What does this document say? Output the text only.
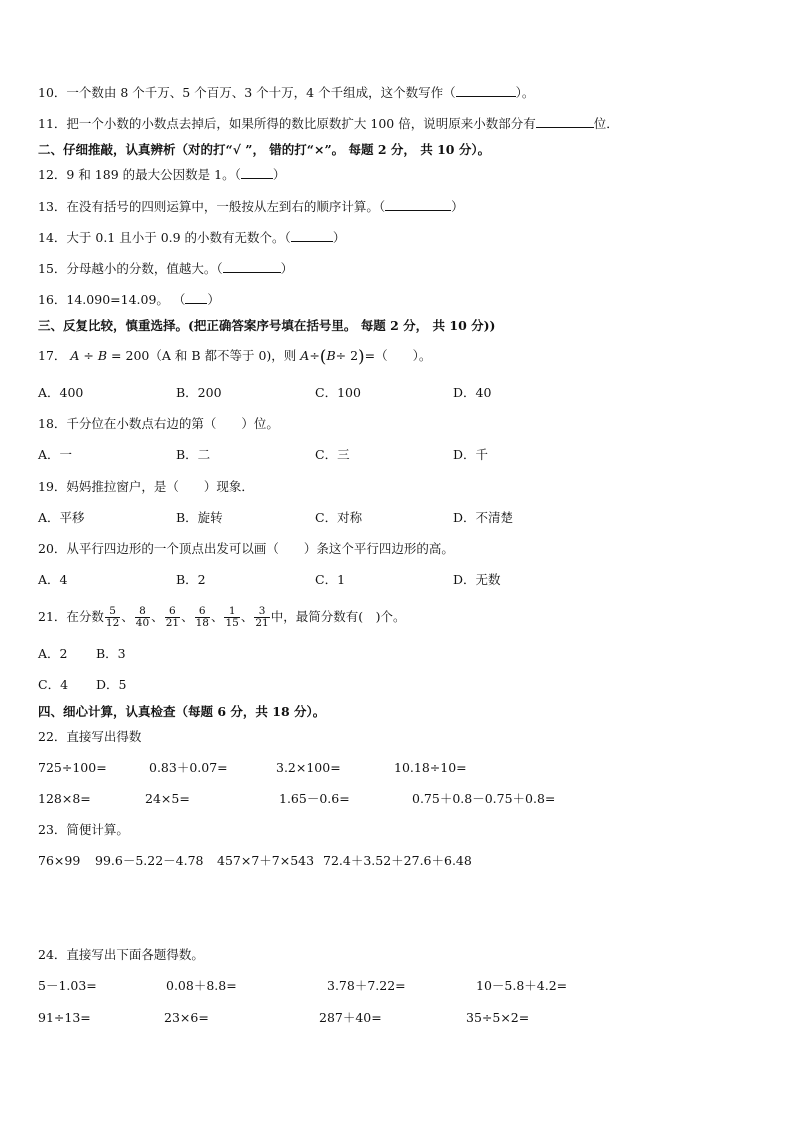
10．一个数由 8 个千万、5 个百万、3 个十万，4 个千组成，这个数写作（	）。
11．把一个小数的小数点去掉后，如果所得的数比原数扩大 100 倍，说明原来小数部分有	位．
二、仔细推敲，认真辨析（对的打“√ ”， 错的打“×”。 每题 2 分， 共 10 分）。
12．9 和 189 的最大公因数是 1。（	）
13．在没有括号的四则运算中，一般按从左到右的顺序计算。（	）
14．大于 0.1 且小于 0.9 的小数有无数个。（	）
15．分母越小的分数，值越大。（	）
16．14.090=14.09。 （ ）
三、反复比较，慎重选择。(把正确答案序号填在括号里。 每题 2 分， 共 10 分))
17． A ÷ B = 200（A 和 B 都不等于 0)，则 A÷(B÷ 2)=（　　）。
A．400	B．200	C．100	D．40
18．千分位在小数点右边的第（　　）位。
A．一	B．二	C．三	D．千
19．妈妈推拉窗户，是（　　）现象．
A．平移	B．旋转	C．对称	D．不清楚
20．从平行四边形的一个顶点出发可以画（　　）条这个平行四边形的高。
A．4	B．2	C．1	D．无数
21．在分数 $\frac{5}{12}$ 、 $\frac{8}{40}$ 、 $\frac{6}{21}$ 、 $\frac{6}{18}$ 、 $\frac{1}{15}$ 、 $\frac{3}{21}$ 中，最简分数有(　)个。
A．2 B．3
C．4 D．5
四、细心计算，认真检查（每题 6 分，共 18 分）。
22．直接写出得数
725÷100=	0.83＋0.07=	3.2×100=	10.18÷10=
128×8=	24×5=	1.65－0.6=	0.75＋0.8－0.75＋0.8=
23．简便计算。
76×99 99.6－5.22－4.78 457×7＋7×543 72.4＋3.52＋27.6＋6.48
24．直接写出下面各题得数。
5－1.03=	0.08＋8.8=	3.78＋7.22=	10－5.8＋4.2=
91÷13=	23×6=	287＋40=	35÷5×2=
